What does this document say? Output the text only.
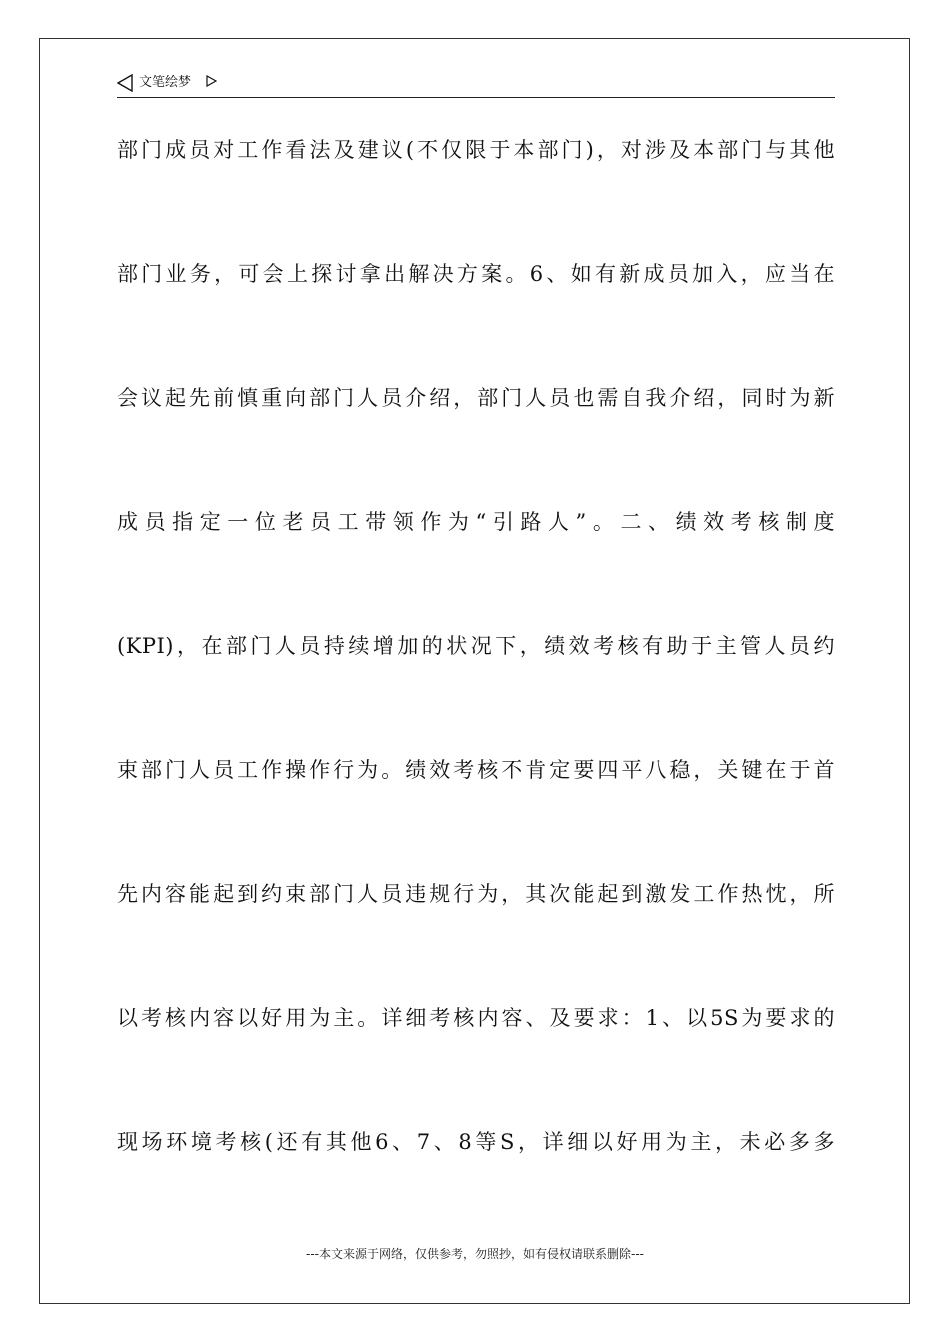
文笔绘梦
部门成员对工作看法及建议(不仅限于本部门)，对涉及本部门与其他
部门业务，可会上探讨拿出解决方案。6、如有新成员加入，应当在
会议起先前慎重向部门人员介绍，部门人员也需自我介绍，同时为新
成员指定一位老员工带领作为“引路人”。二、绩效考核制度
(KPI)，在部门人员持续增加的状况下，绩效考核有助于主管人员约
束部门人员工作操作行为。绩效考核不肯定要四平八稳，关键在于首
先内容能起到约束部门人员违规行为，其次能起到激发工作热忱，所
以考核内容以好用为主。详细考核内容、及要求：1、以5S为要求的
现场环境考核(还有其他6、7、8等S，详细以好用为主，未必多多
---本文来源于网络，仅供参考，勿照抄，如有侵权请联系删除---
